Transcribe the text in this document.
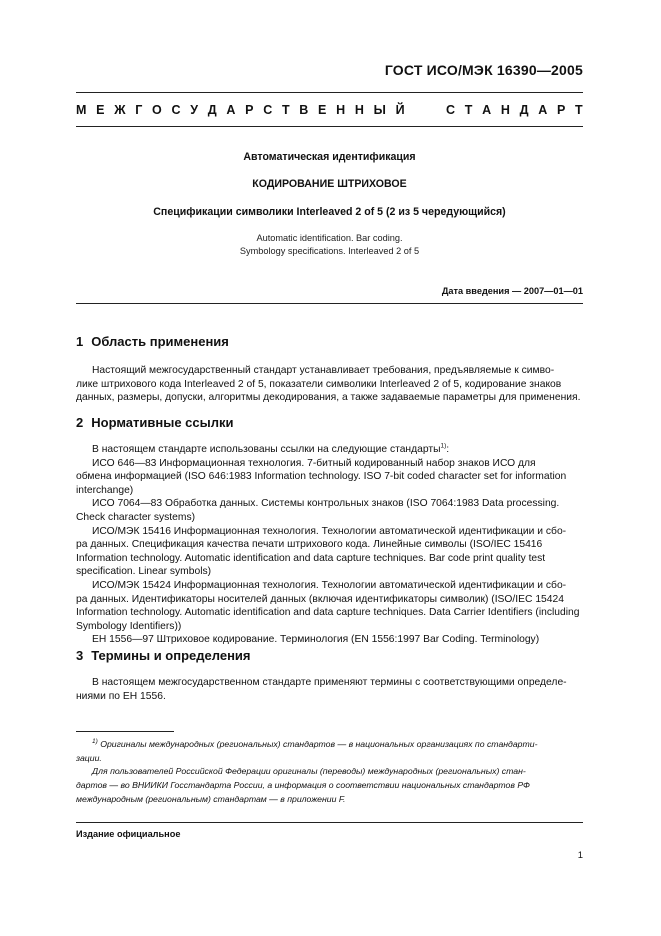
ГОСТ ИСО/МЭК 16390—2005
М Е Ж Г О С У Д А Р С Т В Е Н Н Ы Й	С Т А Н Д А Р Т
Автоматическая идентификация
КОДИРОВАНИЕ ШТРИХОВОЕ
Спецификации символики Interleaved 2 of 5 (2 из 5 чередующийся)
Automatic identification. Bar coding.
Symbology specifications. Interleaved 2 of 5
Дата введения — 2007—01—01
1 Область применения
Настоящий межгосударственный стандарт устанавливает требования, предъявляемые к симво-
лике штрихового кода Interleaved 2 of 5, показатели символики Interleaved 2 of 5, кодирование знаков
данных, размеры, допуски, алгоритмы декодирования, а также задаваемые параметры для применения.
2 Нормативные ссылки
В настоящем стандарте использованы ссылки на следующие стандарты$^{1)}$:
ИСО 646—83 Информационная технология. 7-битный кодированный набор знаков ИСО для
обмена информацией (ISO 646:1983 Information technology. ISO 7-bit coded character set for information
interchange)
ИСО 7064—83 Обработка данных. Системы контрольных знаков (ISO 7064:1983 Data processing.
Check character systems)
ИСО/МЭК 15416 Информационная технология. Технологии автоматической идентификации и сбо-
ра данных. Спецификация качества печати штрихового кода. Линейные символы (ISO/IEC 15416
Information technology. Automatic identification and data capture techniques. Bar code print quality test
specification. Linear symbols)
ИСО/МЭК 15424 Информационная технология. Технологии автоматической идентификации и сбо-
ра данных. Идентификаторы носителей данных (включая идентификаторы символик) (ISO/IEC 15424
Information technology. Automatic identification and data capture techniques. Data Carrier Identifiers (including
Symbology Identifiers))
ЕН 1556—97 Штриховое кодирование. Терминология (EN 1556:1997 Bar Coding. Terminology)
3 Термины и определения
В настоящем межгосударственном стандарте применяют термины с соответствующими определе-
ниями по ЕН 1556.
$^{1)}$ Оригиналы международных (региональных) стандартов — в национальных организациях по стандарти-
зации.
Для пользователей Российской Федерации оригиналы (переводы) международных (региональных) стан-
дартов — во ВНИИКИ Госстандарта России, а информация о соответствии национальных стандартов РФ
международным (региональным) стандартам — в приложении F.
Издание официальное
1
